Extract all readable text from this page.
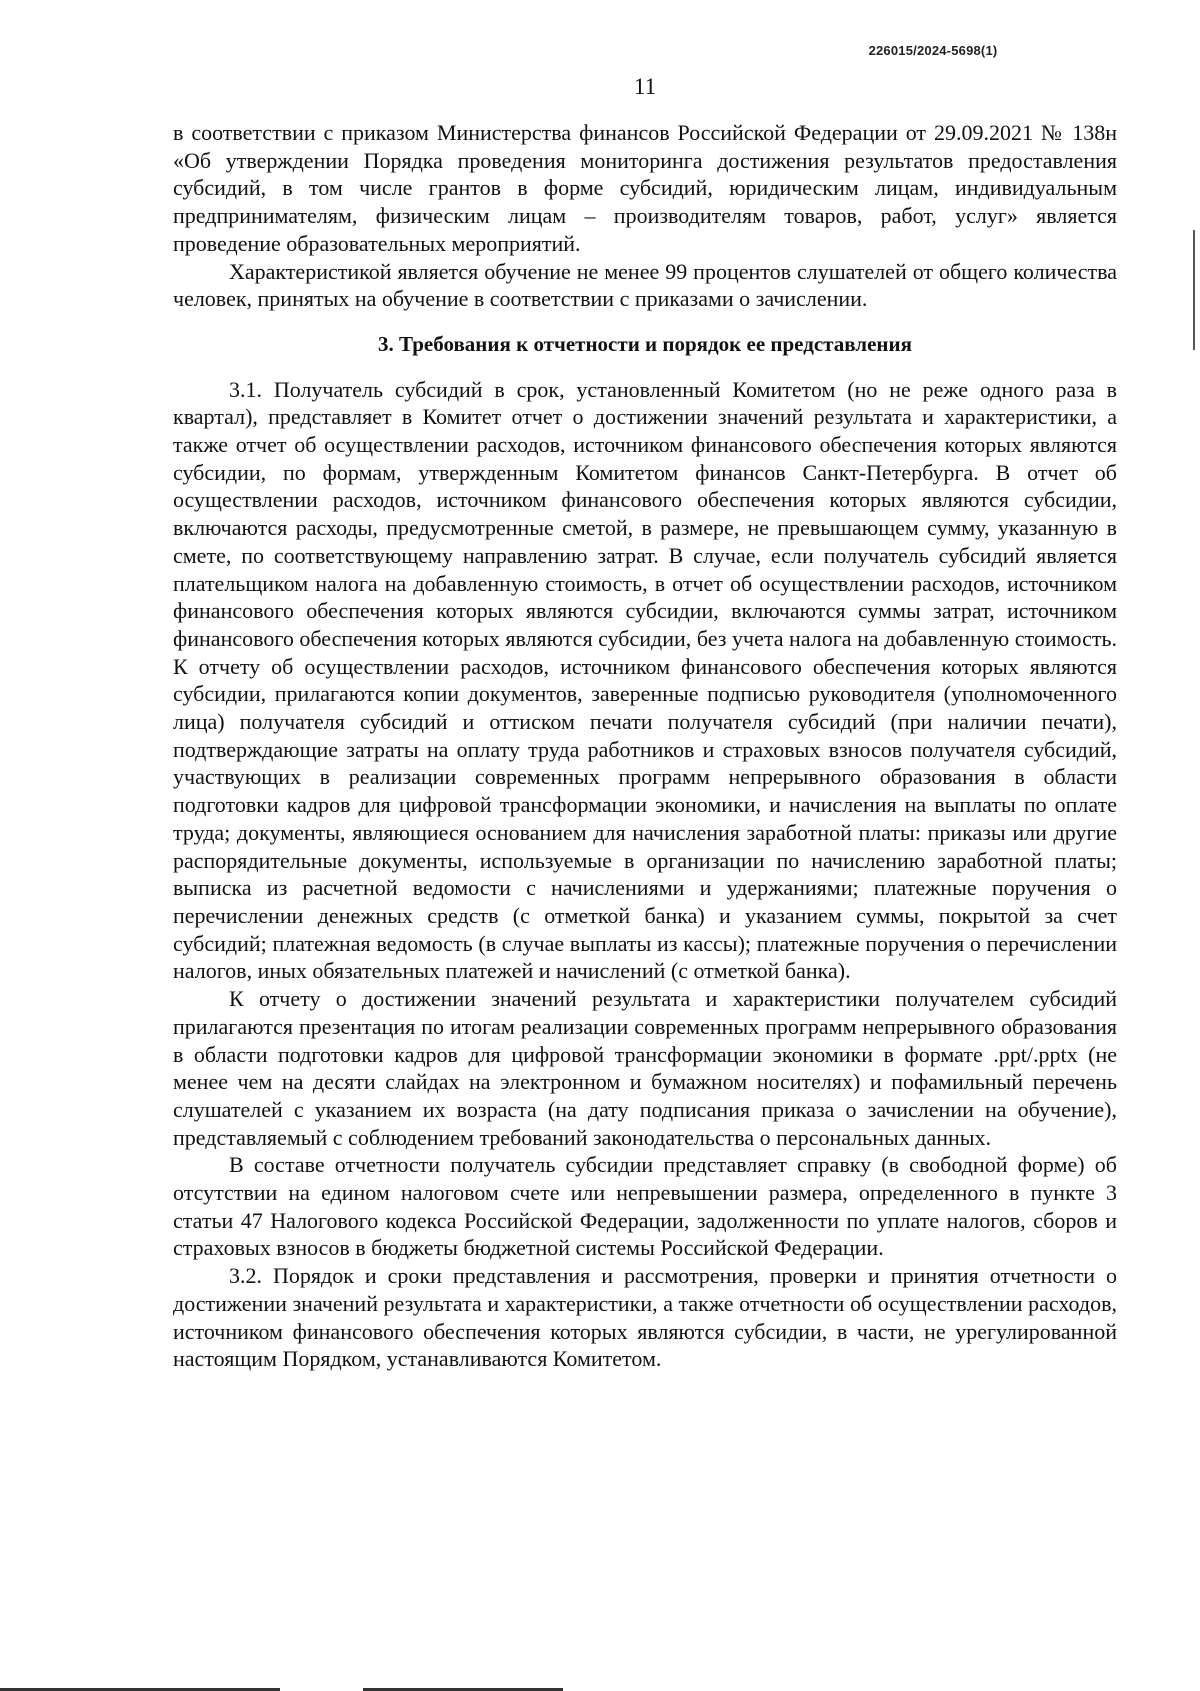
226015/2024-5698(1)
11

в соответствии с приказом Министерства финансов Российской Федерации от 29.09.2021 № 138н «Об утверждении Порядка проведения мониторинга достижения результатов предоставления субсидий, в том числе грантов в форме субсидий, юридическим лицам, индивидуальным предпринимателям, физическим лицам – производителям товаров, работ, услуг» является проведение образовательных мероприятий.

Характеристикой является обучение не менее 99 процентов слушателей от общего количества человек, принятых на обучение в соответствии с приказами о зачислении.

3. Требования к отчетности и порядок ее представления

3.1. Получатель субсидий в срок, установленный Комитетом (но не реже одного раза в квартал), представляет в Комитет отчет о достижении значений результата и характеристики, а также отчет об осуществлении расходов, источником финансового обеспечения которых являются субсидии, по формам, утвержденным Комитетом финансов Санкт-Петербурга. В отчет об осуществлении расходов, источником финансового обеспечения которых являются субсидии, включаются расходы, предусмотренные сметой, в размере, не превышающем сумму, указанную в смете, по соответствующему направлению затрат. В случае, если получатель субсидий является плательщиком налога на добавленную стоимость, в отчет об осуществлении расходов, источником финансового обеспечения которых являются субсидии, включаются суммы затрат, источником финансового обеспечения которых являются субсидии, без учета налога на добавленную стоимость. К отчету об осуществлении расходов, источником финансового обеспечения которых являются субсидии, прилагаются копии документов, заверенные подписью руководителя (уполномоченного лица) получателя субсидий и оттиском печати получателя субсидий (при наличии печати), подтверждающие затраты на оплату труда работников и страховых взносов получателя субсидий, участвующих в реализации современных программ непрерывного образования в области подготовки кадров для цифровой трансформации экономики, и начисления на выплаты по оплате труда; документы, являющиеся основанием для начисления заработной платы: приказы или другие распорядительные документы, используемые в организации по начислению заработной платы; выписка из расчетной ведомости с начислениями и удержаниями; платежные поручения о перечислении денежных средств (с отметкой банка) и указанием суммы, покрытой за счет субсидий; платежная ведомость (в случае выплаты из кассы); платежные поручения о перечислении налогов, иных обязательных платежей и начислений (с отметкой банка).

К отчету о достижении значений результата и характеристики получателем субсидий прилагаются презентация по итогам реализации современных программ непрерывного образования в области подготовки кадров для цифровой трансформации экономики в формате .ppt/.pptx (не менее чем на десяти слайдах на электронном и бумажном носителях) и пофамильный перечень слушателей с указанием их возраста (на дату подписания приказа о зачислении на обучение), представляемый с соблюдением требований законодательства о персональных данных.

В составе отчетности получатель субсидии представляет справку (в свободной форме) об отсутствии на едином налоговом счете или непревышении размера, определенного в пункте 3 статьи 47 Налогового кодекса Российской Федерации, задолженности по уплате налогов, сборов и страховых взносов в бюджеты бюджетной системы Российской Федерации.

3.2. Порядок и сроки представления и рассмотрения, проверки и принятия отчетности о достижении значений результата и характеристики, а также отчетности об осуществлении расходов, источником финансового обеспечения которых являются субсидии, в части, не урегулированной настоящим Порядком, устанавливаются Комитетом.
